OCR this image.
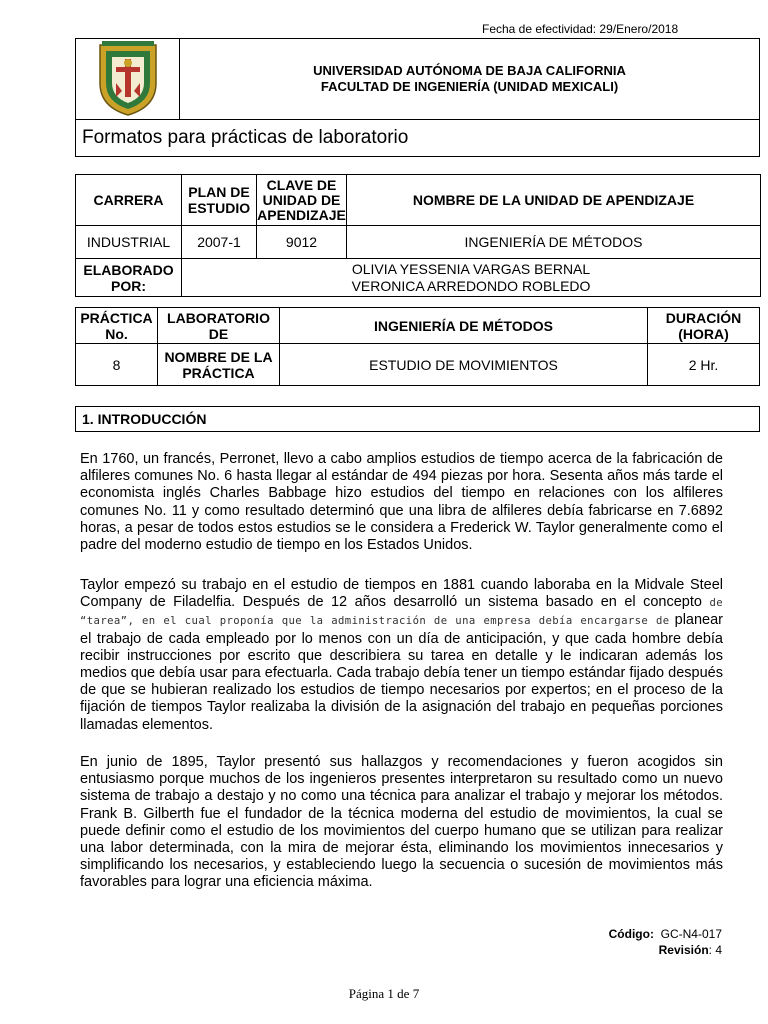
Fecha de efectividad: 29/Enero/2018
UNIVERSIDAD AUTÓNOMA DE BAJA CALIFORNIA
FACULTAD DE INGENIERÍA (UNIDAD MEXICALI)
Formatos para prácticas de laboratorio
CARRERA	PLAN DE ESTUDIO	CLAVE DE UNIDAD DE APENDIZAJE	NOMBRE DE LA UNIDAD DE APENDIZAJE
INDUSTRIAL	2007-1	9012	INGENIERÍA DE MÉTODOS
ELABORADO POR:	OLIVIA YESSENIA VARGAS BERNAL
VERONICA ARREDONDO ROBLEDO		
PRÁCTICA No.	LABORATORIO DE	INGENIERÍA DE MÉTODOS	DURACIÓN (HORA)
8	NOMBRE DE LA PRÁCTICA	ESTUDIO DE MOVIMIENTOS	2 Hr.
1. INTRODUCCIÓN
En 1760, un francés, Perronet, llevo a cabo amplios estudios de tiempo acerca de la fabricación de alfileres comunes No. 6 hasta llegar al estándar de 494 piezas por hora. Sesenta años más tarde el economista inglés Charles Babbage hizo estudios del tiempo en relaciones con los alfileres comunes No. 11 y como resultado determinó que una libra de alfileres debía fabricarse en 7.6892 horas, a pesar de todos estos estudios se le considera a Frederick W. Taylor generalmente como el padre del moderno estudio de tiempo en los Estados Unidos.
Taylor empezó su trabajo en el estudio de tiempos en 1881 cuando laboraba en la Midvale Steel Company de Filadelfia. Después de 12 años desarrolló un sistema basado en el concepto de “tarea”, en el cual proponía que la administración de una empresa debía encargarse de planear el trabajo de cada empleado por lo menos con un día de anticipación, y que cada hombre debía recibir instrucciones por escrito que describiera su tarea en detalle y le indicaran además los medios que debía usar para efectuarla. Cada trabajo debía tener un tiempo estándar fijado después de que se hubieran realizado los estudios de tiempo necesarios por expertos; en el proceso de la fijación de tiempos Taylor realizaba la división de la asignación del trabajo en pequeñas porciones llamadas elementos.
En junio de 1895, Taylor presentó sus hallazgos y recomendaciones y fueron acogidos sin entusiasmo porque muchos de los ingenieros presentes interpretaron su resultado como un nuevo sistema de trabajo a destajo y no como una técnica para analizar el trabajo y mejorar los métodos. Frank B. Gilberth fue el fundador de la técnica moderna del estudio de movimientos, la cual se puede definir como el estudio de los movimientos del cuerpo humano que se utilizan para realizar una labor determinada, con la mira de mejorar ésta, eliminando los movimientos innecesarios y simplificando los necesarios, y estableciendo luego la secuencia o sucesión de movimientos más favorables para lograr una eficiencia máxima.
Código: GC-N4-017
Revisión: 4
Página 1 de 7
